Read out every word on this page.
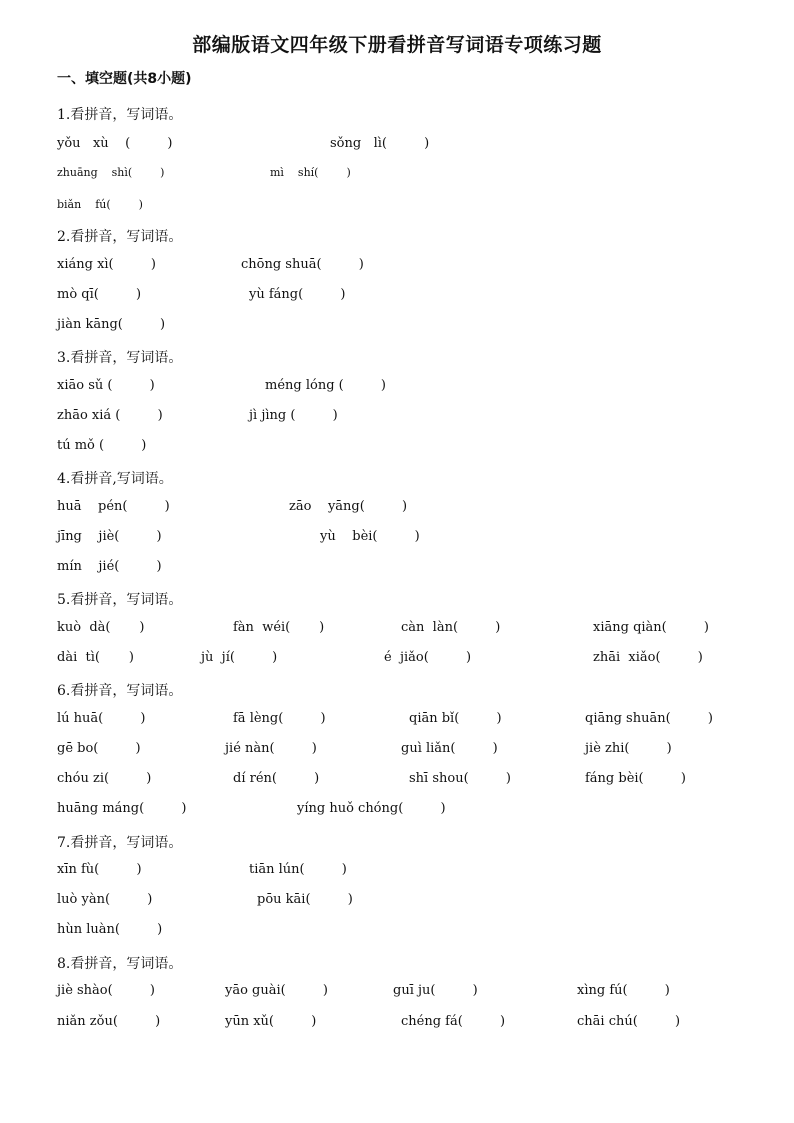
部编版语文四年级下册看拼音写词语专项练习题
一、填空题(共8小题)
1.看拼音，写词语。
yǒu   xù    (         )	sǒng   lì(         )
zhuāng    shì(        )	mì    shí(        )
biǎn    fú(        )
2.看拼音，写词语。
xiáng xì(         )	chōng shuā(         )
mò qī(         )	yù fáng(         )
jiàn kāng(         )
3.看拼音，写词语。
xiāo sǔ (         )	méng lóng (         )
zhāo xiá (         )	jì jìng (         )
tú mǒ (         )
4.看拼音,写词语。
huā    pén(         )	zāo    yāng(         )
jīng    jiè(         )	yù    bèi(         )
mín    jié(         )
5.看拼音，写词语。
kuò  dà(       )	fàn  wéi(       )	càn  làn(         )	xiāng qiàn(         )
dài  tì(       )	jù  jí(         )	é  jiǎo(         )	zhāi  xiǎo(         )
6.看拼音，写词语。
lú huā(         )	fā lèng(         )	qiān bǐ(         )	qiāng shuān(         )
gē bo(         )	jié nàn(         )	guì liǎn(         )	jiè zhi(         )
chóu zi(         )	dí rén(         )	shī shou(         )	fáng bèi(         )
huāng máng(         )	yíng huǒ chóng(         )
7.看拼音，写词语。
xīn fù(         )	tiān lún(         )
luò yàn(         )	pōu kāi(         )
hùn luàn(         )
8.看拼音，写词语。
jiè shào(         )	yāo guài(         )	guī ju(         )	xìng fú(         )
niǎn zǒu(         )	yūn xǔ(         )	chéng fá(         )	chāi chú(         )
